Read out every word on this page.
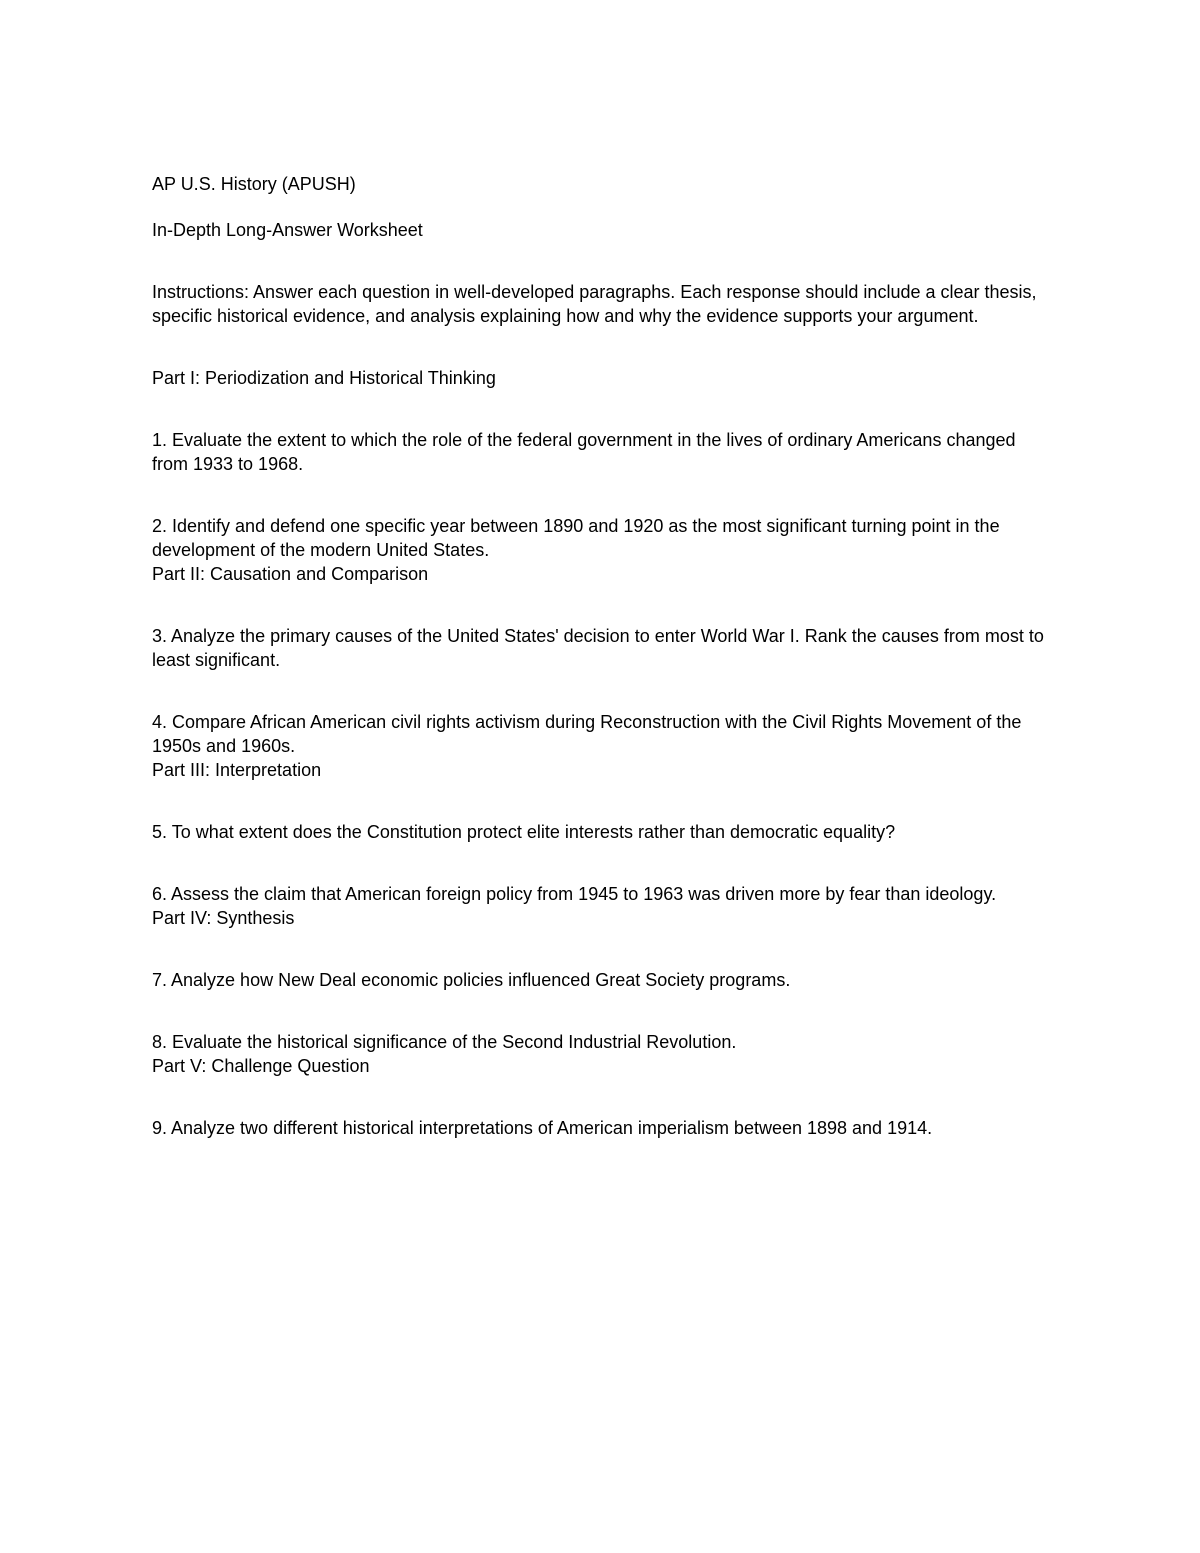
AP U.S. History (APUSH)

In-Depth Long-Answer Worksheet

Instructions: Answer each question in well-developed paragraphs. Each response should include a clear thesis, specific historical evidence, and analysis explaining how and why the evidence supports your argument.

Part I: Periodization and Historical Thinking

1. Evaluate the extent to which the role of the federal government in the lives of ordinary Americans changed from 1933 to 1968.

2. Identify and defend one specific year between 1890 and 1920 as the most significant turning point in the development of the modern United States.

Part II: Causation and Comparison

3. Analyze the primary causes of the United States' decision to enter World War I. Rank the causes from most to least significant.

4. Compare African American civil rights activism during Reconstruction with the Civil Rights Movement of the 1950s and 1960s.

Part III: Interpretation

5. To what extent does the Constitution protect elite interests rather than democratic equality?

6. Assess the claim that American foreign policy from 1945 to 1963 was driven more by fear than ideology.

Part IV: Synthesis

7. Analyze how New Deal economic policies influenced Great Society programs.

8. Evaluate the historical significance of the Second Industrial Revolution.

Part V: Challenge Question

9. Analyze two different historical interpretations of American imperialism between 1898 and 1914.
